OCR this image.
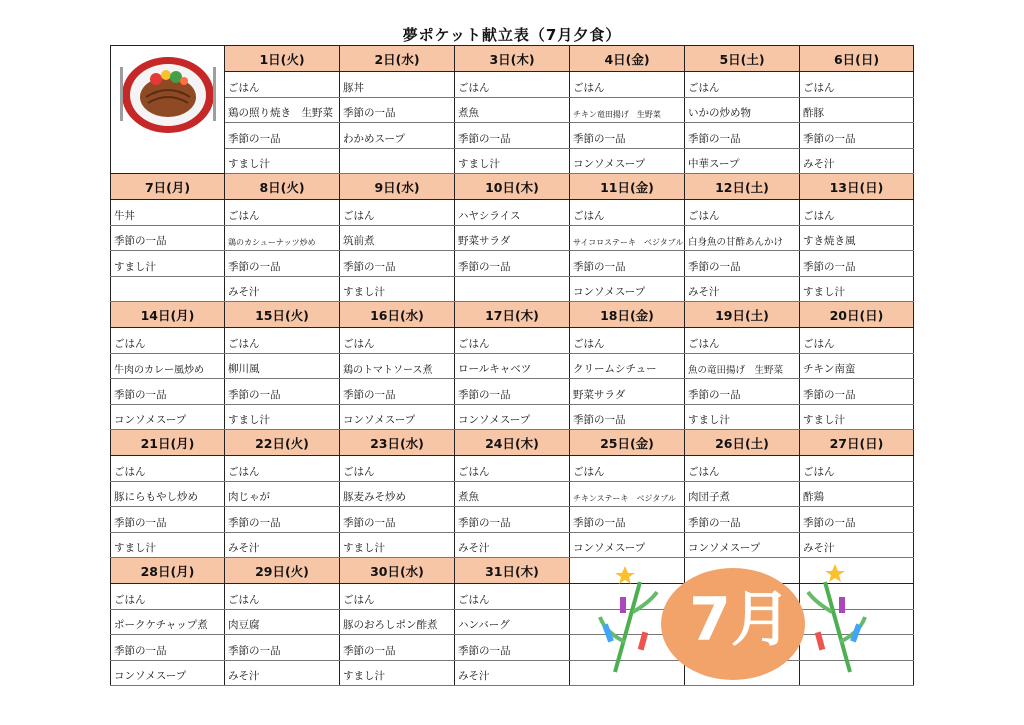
夢ポケット献立表（7月夕食）
	1日(火)	2日(水)	3日(木)	4日(金)	5日(土)	6日(日)
	ごはん	豚丼	ごはん	ごはん	ごはん	ごはん
	鶏の照り焼き　生野菜	季節の一品	煮魚	チキン竜田揚げ　生野菜	いかの炒め物	酢豚
	季節の一品	わかめスープ	季節の一品	季節の一品	季節の一品	季節の一品
	すまし汁		すまし汁	コンソメスープ	中華スープ	みそ汁
7日(月)	8日(火)	9日(水)	10日(木)	11日(金)	12日(土)	13日(日)
牛丼	ごはん	ごはん	ハヤシライス	ごはん	ごはん	ごはん
季節の一品	鶏のカシューナッツ炒め	筑前煮	野菜サラダ	サイコロステーキ　ベジタブル	白身魚の甘酢あんかけ	すき焼き風
すまし汁	季節の一品	季節の一品	季節の一品	季節の一品	季節の一品	季節の一品
	みそ汁	すまし汁		コンソメスープ	みそ汁	すまし汁
14日(月)	15日(火)	16日(水)	17日(木)	18日(金)	19日(土)	20日(日)
ごはん	ごはん	ごはん	ごはん	ごはん	ごはん	ごはん
牛肉のカレー風炒め	柳川風	鶏のトマトソース煮	ロールキャベツ	クリームシチュー	魚の竜田揚げ　生野菜	チキン南蛮
季節の一品	季節の一品	季節の一品	季節の一品	野菜サラダ	季節の一品	季節の一品
コンソメスープ	すまし汁	コンソメスープ	コンソメスープ	季節の一品	すまし汁	すまし汁
21日(月)	22日(火)	23日(水)	24日(木)	25日(金)	26日(土)	27日(日)
ごはん	ごはん	ごはん	ごはん	ごはん	ごはん	ごはん
豚にらもやし炒め	肉じゃが	豚麦みそ炒め	煮魚	チキンステーキ　ベジタブル	肉団子煮	酢鶏
季節の一品	季節の一品	季節の一品	季節の一品	季節の一品	季節の一品	季節の一品
すまし汁	みそ汁	すまし汁	みそ汁	コンソメスープ	コンソメスープ	みそ汁
28日(月)	29日(火)	30日(水)	31日(木)			
ごはん	ごはん	ごはん	ごはん			
ポークケチャップ煮	肉豆腐	豚のおろしポン酢煮	ハンバーグ			
季節の一品	季節の一品	季節の一品	季節の一品			
コンソメスープ	みそ汁	すまし汁	みそ汁			
7月
